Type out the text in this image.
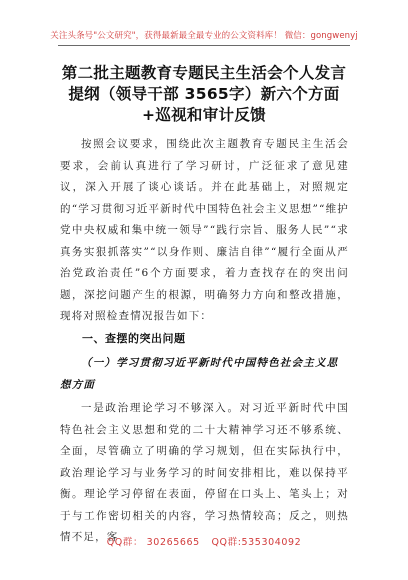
关注头条号"公文研究"，获得最新最全最专业的公文资料库！ 微信：gongwenyj
第二批主题教育专题民主生活会个人发言提纲（领导干部 3565字）新六个方面+巡视和审计反馈
按照会议要求，围绕此次主题教育专题民主生活会要求，会前认真进行了学习研讨，广泛征求了意见建议，深入开展了谈心谈话。并在此基础上，对照规定的“学习贯彻习近平新时代中国特色社会主义思想”“维护党中央权威和集中统一领导”“践行宗旨、服务人民”“求真务实狠抓落实”“以身作则、廉洁自律”“履行全面从严治党政治责任”6个方面要求，着力查找存在的突出问题，深挖问题产生的根源，明确努力方向和整改措施，现将对照检查情况报告如下：
一、查摆的突出问题
（一）学习贯彻习近平新时代中国特色社会主义思想方面
一是政治理论学习不够深入。对习近平新时代中国特色社会主义思想和党的二十大精神学习还不够系统、全面，尽管确立了明确的学习规划，但在实际执行中，政治理论学习与业务学习的时间安排相比，难以保持平衡。理论学习停留在表面，停留在口头上、笔头上；对于与工作密切相关的内容，学习热情较高；反之，则热情不足，客
QQ群： 30265665 QQ群:535304092
